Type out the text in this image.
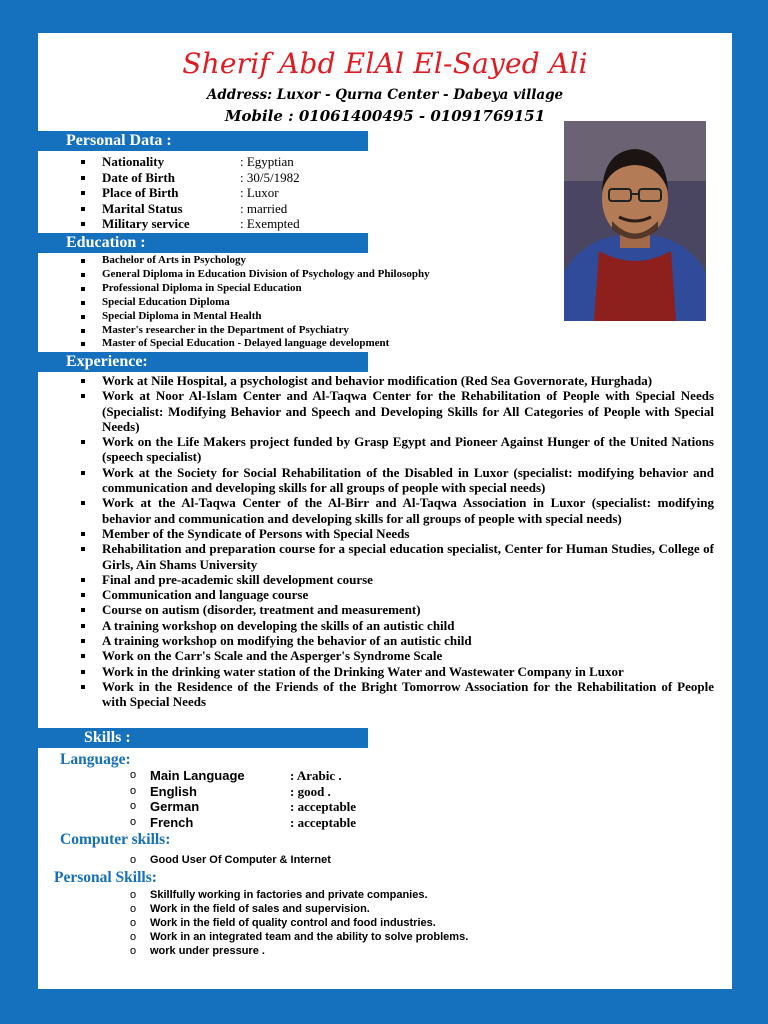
Sherif Abd ElAl El-Sayed Ali
Address: Luxor - Qurna Center - Dabeya village
Mobile : 01061400495 - 01091769151
Personal Data :
Nationality	: Egyptian
Date of Birth	: 30/5/1982
Place of Birth	: Luxor
Marital Status	: married
Military service	: Exempted
Education :
Bachelor of Arts in Psychology
General Diploma in Education Division of Psychology and Philosophy
Professional Diploma in Special Education
Special Education Diploma
Special Diploma in Mental Health
Master's researcher in the Department of Psychiatry
Master of Special Education - Delayed language development
Experience:
Work at Nile Hospital, a psychologist and behavior modification (Red Sea Governorate, Hurghada)
Work at Noor Al-Islam Center and Al-Taqwa Center for the Rehabilitation of People with Special Needs (Specialist: Modifying Behavior and Speech and Developing Skills for All Categories of People with Special Needs)
Work on the Life Makers project funded by Grasp Egypt and Pioneer Against Hunger of the United Nations (speech specialist)
Work at the Society for Social Rehabilitation of the Disabled in Luxor (specialist: modifying behavior and communication and developing skills for all groups of people with special needs)
Work at the Al-Taqwa Center of the Al-Birr and Al-Taqwa Association in Luxor (specialist: modifying behavior and communication and developing skills for all groups of people with special needs)
Member of the Syndicate of Persons with Special Needs
Rehabilitation and preparation course for a special education specialist, Center for Human Studies, College of Girls, Ain Shams University
Final and pre-academic skill development course
Communication and language course
Course on autism (disorder, treatment and measurement)
A training workshop on developing the skills of an autistic child
A training workshop on modifying the behavior of an autistic child
Work on the Carr's Scale and the Asperger's Syndrome Scale
Work in the drinking water station of the Drinking Water and Wastewater Company in Luxor
Work in the Residence of the Friends of the Bright Tomorrow Association for the Rehabilitation of People with Special Needs
Skills :
Language:
o Main Language	: Arabic .
o English	: good .
o German	: acceptable
o French	: acceptable
Computer skills:
o Good User Of Computer & Internet
Personal Skills:
o Skillfully working in factories and private companies.
o Work in the field of sales and supervision.
o Work in the field of quality control and food industries.
o Work in an integrated team and the ability to solve problems.
o work under pressure .
